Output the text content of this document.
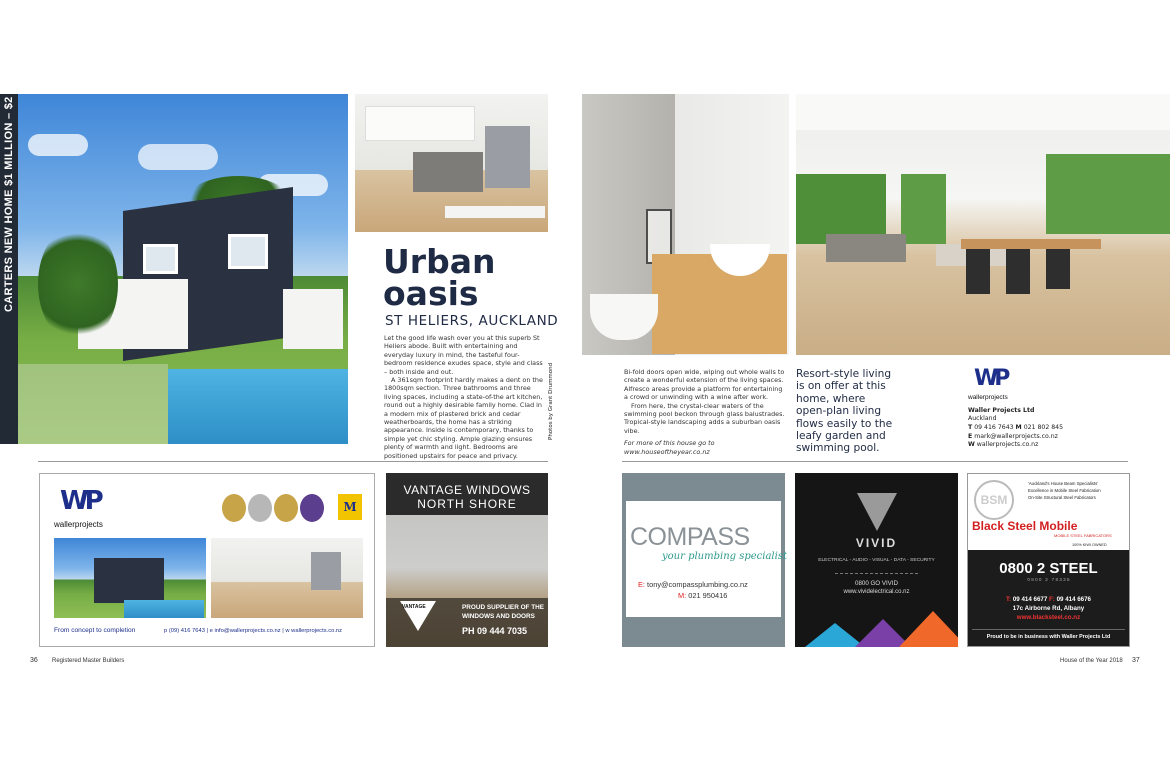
CARTERS NEW HOME $1 MILLION – $2 MILLION	Urban
oasis
ST HELIERS, AUCKLAND

Let the good life wash over you at this superb St Heliers abode. Built with entertaining and everyday luxury in mind, the tasteful four-bedroom residence exudes space, style and class – both inside and out.

A 361sqm footprint hardly makes a dent on the 1800sqm section. Three bathrooms and three living spaces, including a state-of-the art kitchen, round out a highly desirable family home. Clad in a modern mix of plastered brick and cedar weatherboards, the home has a striking appearance. Inside is contemporary, thanks to simple yet chic styling. Ample glazing ensures plenty of warmth and light. Bedrooms are positioned upstairs for peace and privacy.

Photos by Grant Drummond
WP
wallerprojects
M
From concept to completion	p (09) 416 7643 | e info@wallerprojects.co.nz | w wallerprojects.co.nz
VANTAGE WINDOWS
NORTH SHORE
VANTAGE	PROUD SUPPLIER OF THE
WINDOWS AND DOORS
PH 09 444 7035
36 Registered Master Builders

Bi-fold doors open wide, wiping out whole walls to create a wonderful extension of the living spaces. Alfresco areas provide a platform for entertaining a crowd or unwinding with a wine after work.

From here, the crystal-clear waters of the swimming pool beckon through glass balustrades. Tropical-style landscaping adds a suburban oasis vibe.

For more of this house go to www.houseoftheyear.co.nz

Resort-style living is on offer at this home, where open-plan living flows easily to the leafy garden and swimming pool.
WP
wallerprojects
Waller Projects Ltd
Auckland
T 09 416 7643 M 021 802 845
E mark@wallerprojects.co.nz
W wallerprojects.co.nz
COMPASS
your plumbing specialist
E: tony@compassplumbing.co.nz
M: 021 950416
VIVID
ELECTRICAL - AUDIO - VISUAL - DATA - SECURITY
0800 GO VIVID
www.vividelectrical.co.nz
BSM
'Auckland's House Beam Specialists'
Excellence in Mobile Steel Fabrication
On-Site Structural Steel Fabricators
Black Steel Mobile
MOBILE STEEL FABRICATORS
100% KIWI OWNED
0800 2 STEEL
0 8 0 0   2   7 8 3 3 5
T: 09 414 6677 F: 09 414 6676
17c Airborne Rd, Albany
www.blacksteel.co.nz
Proud to be in business with Waller Projects Ltd
House of the Year 2018 37
